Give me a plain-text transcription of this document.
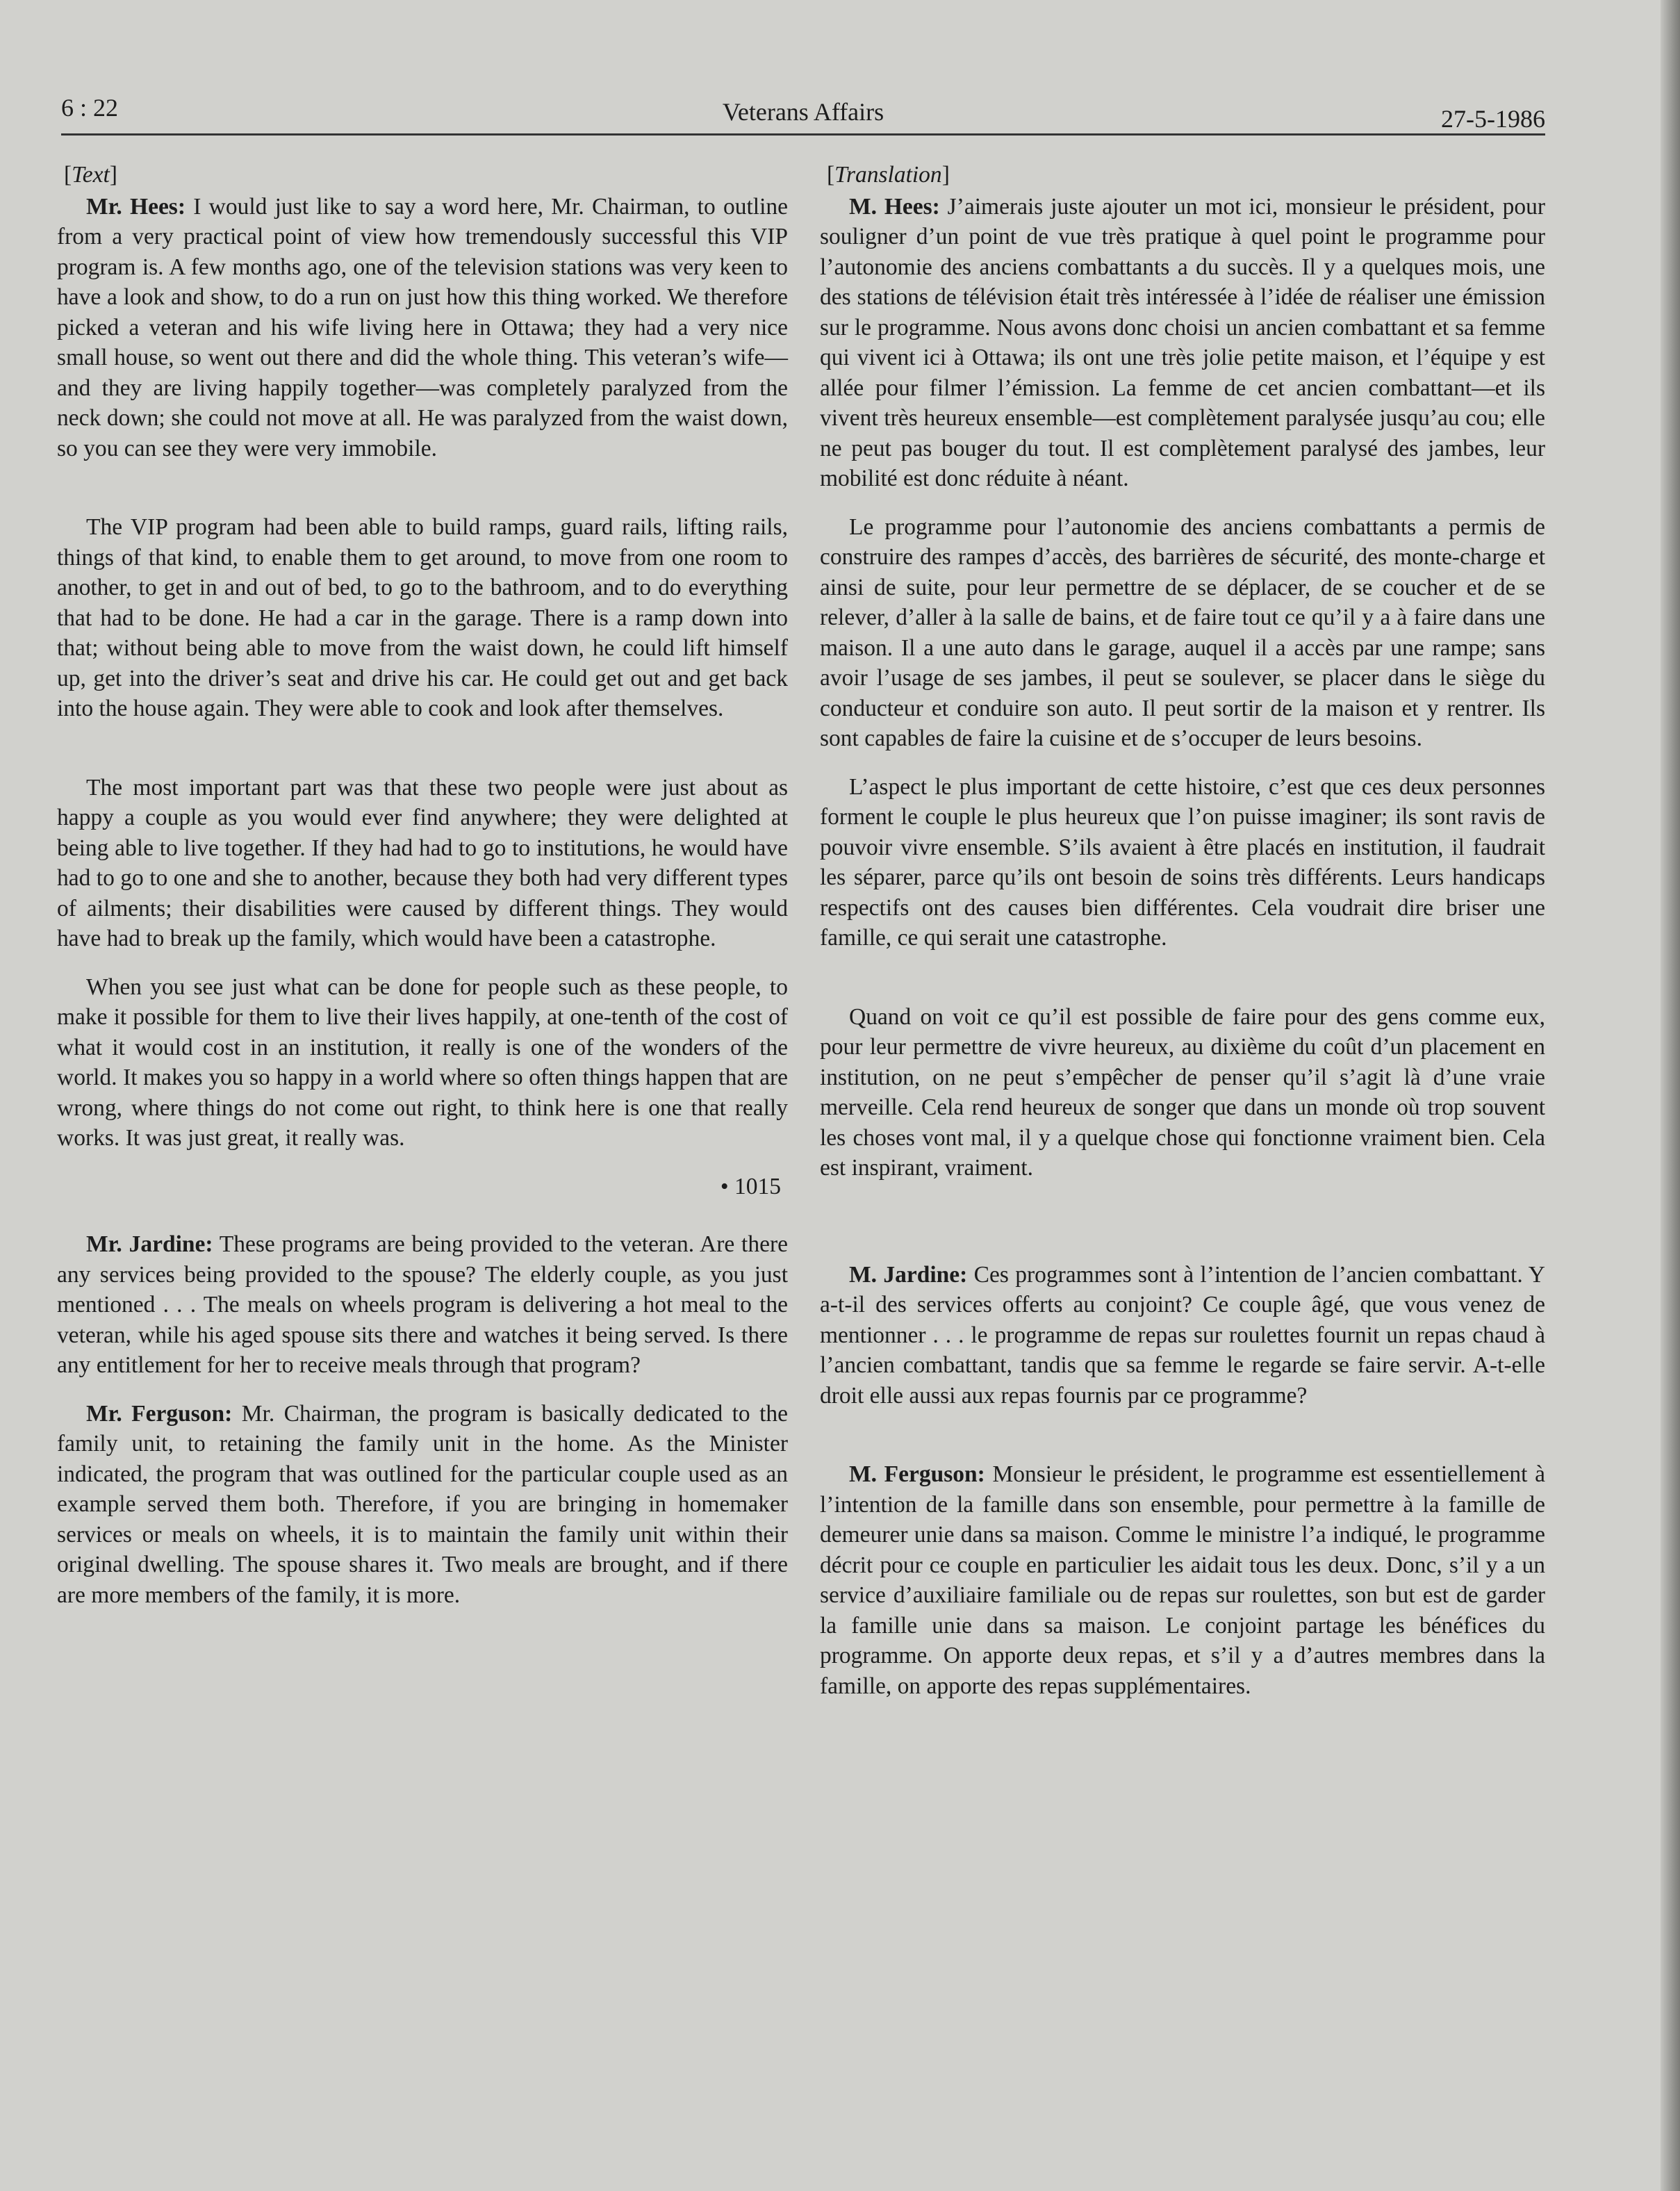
6 : 22	Veterans Affairs	27-5-1986
[Text]

Mr. Hees: I would just like to say a word here, Mr. Chairman, to outline from a very practical point of view how tremendously successful this VIP program is. A few months ago, one of the television stations was very keen to have a look and show, to do a run on just how this thing worked. We therefore picked a veteran and his wife living here in Ottawa; they had a very nice small house, so went out there and did the whole thing. This veteran’s wife—and they are living happily together—was completely paralyzed from the neck down; she could not move at all. He was paralyzed from the waist down, so you can see they were very immobile.

The VIP program had been able to build ramps, guard rails, lifting rails, things of that kind, to enable them to get around, to move from one room to another, to get in and out of bed, to go to the bathroom, and to do everything that had to be done. He had a car in the garage. There is a ramp down into that; without being able to move from the waist down, he could lift himself up, get into the driver’s seat and drive his car. He could get out and get back into the house again. They were able to cook and look after themselves.

The most important part was that these two people were just about as happy a couple as you would ever find anywhere; they were delighted at being able to live together. If they had had to go to institutions, he would have had to go to one and she to another, because they both had very different types of ailments; their disabilities were caused by different things. They would have had to break up the family, which would have been a catastrophe.

When you see just what can be done for people such as these people, to make it possible for them to live their lives happily, at one-tenth of the cost of what it would cost in an institution, it really is one of the wonders of the world. It makes you so happy in a world where so often things happen that are wrong, where things do not come out right, to think here is one that really works. It was just great, it really was.

• 1015

Mr. Jardine: These programs are being provided to the veteran. Are there any services being provided to the spouse? The elderly couple, as you just mentioned . . . The meals on wheels program is delivering a hot meal to the veteran, while his aged spouse sits there and watches it being served. Is there any entitlement for her to receive meals through that program?

Mr. Ferguson: Mr. Chairman, the program is basically dedicated to the family unit, to retaining the family unit in the home. As the Minister indicated, the program that was outlined for the particular couple used as an example served them both. Therefore, if you are bringing in homemaker services or meals on wheels, it is to maintain the family unit within their original dwelling. The spouse shares it. Two meals are brought, and if there are more members of the family, it is more.

[Translation]

M. Hees: J’aimerais juste ajouter un mot ici, monsieur le président, pour souligner d’un point de vue très pratique à quel point le programme pour l’autonomie des anciens combattants a du succès. Il y a quelques mois, une des stations de télévision était très intéressée à l’idée de réaliser une émission sur le programme. Nous avons donc choisi un ancien combattant et sa femme qui vivent ici à Ottawa; ils ont une très jolie petite maison, et l’équipe y est allée pour filmer l’émission. La femme de cet ancien combattant—et ils vivent très heureux ensemble—est complètement paralysée jusqu’au cou; elle ne peut pas bouger du tout. Il est complètement paralysé des jambes, leur mobilité est donc réduite à néant.

Le programme pour l’autonomie des anciens combattants a permis de construire des rampes d’accès, des barrières de sécurité, des monte-charge et ainsi de suite, pour leur permettre de se déplacer, de se coucher et de se relever, d’aller à la salle de bains, et de faire tout ce qu’il y a à faire dans une maison. Il a une auto dans le garage, auquel il a accès par une rampe; sans avoir l’usage de ses jambes, il peut se soulever, se placer dans le siège du conducteur et conduire son auto. Il peut sortir de la maison et y rentrer. Ils sont capables de faire la cuisine et de s’occuper de leurs besoins.

L’aspect le plus important de cette histoire, c’est que ces deux personnes forment le couple le plus heureux que l’on puisse imaginer; ils sont ravis de pouvoir vivre ensemble. S’ils avaient à être placés en institution, il faudrait les séparer, parce qu’ils ont besoin de soins très différents. Leurs handicaps respectifs ont des causes bien différentes. Cela voudrait dire briser une famille, ce qui serait une catastrophe.

Quand on voit ce qu’il est possible de faire pour des gens comme eux, pour leur permettre de vivre heureux, au dixième du coût d’un placement en institution, on ne peut s’empêcher de penser qu’il s’agit là d’une vraie merveille. Cela rend heureux de songer que dans un monde où trop souvent les choses vont mal, il y a quelque chose qui fonctionne vraiment bien. Cela est inspirant, vraiment.

M. Jardine: Ces programmes sont à l’intention de l’ancien combattant. Y a-t-il des services offerts au conjoint? Ce couple âgé, que vous venez de mentionner . . . le programme de repas sur roulettes fournit un repas chaud à l’ancien combattant, tandis que sa femme le regarde se faire servir. A-t-elle droit elle aussi aux repas fournis par ce programme?

M. Ferguson: Monsieur le président, le programme est essentiellement à l’intention de la famille dans son ensemble, pour permettre à la famille de demeurer unie dans sa maison. Comme le ministre l’a indiqué, le programme décrit pour ce couple en particulier les aidait tous les deux. Donc, s’il y a un service d’auxiliaire familiale ou de repas sur roulettes, son but est de garder la famille unie dans sa maison. Le conjoint partage les bénéfices du programme. On apporte deux repas, et s’il y a d’autres membres dans la famille, on apporte des repas supplémentaires.
